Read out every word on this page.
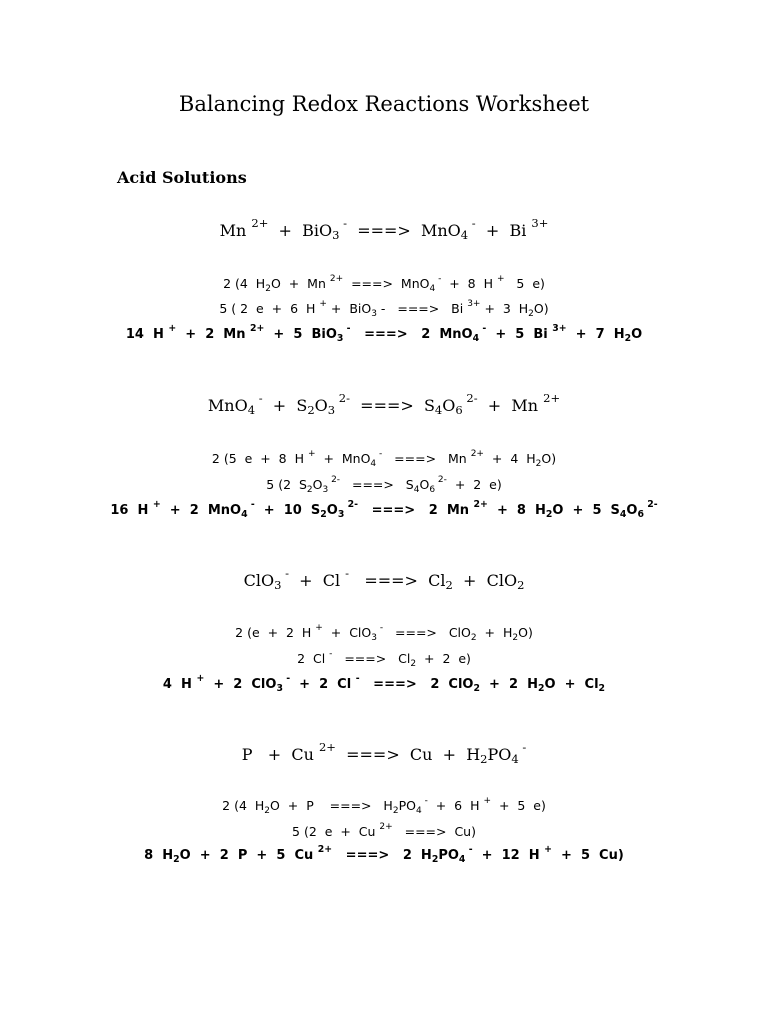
Balancing Redox Reactions Worksheet
Acid Solutions
Mn $^{2+}$  +  BiO$_3$ -  ===>  MnO$_4$ -  +  Bi $^{3+}$
2 (4  $H_2O + Mn$ $^{2+}$  ===>  MnO$_4$ -  +  8  H +   5  e)
5 ( 2  e  +  6  H + +  BiO$_3$ -   ===>   Bi $^{3+}$ +  3  $H_2O$)
14  H +  +  2  Mn $^{2+}$  +  5  BiO$_3$ -   ===>   2  MnO$_4$ -  +  5  Bi $^{3+}$  +  7  $H_2O$
MnO$_4$ $^- + S_2O_3$ $^{2-}$  ===>  $S_4O_6$ $^{2-}$  +  Mn $^{2+}$
2 (5  e  +  8  H +  +  MnO$_4$ -   ===>   Mn $^{2+}$  +  4  $H_2O$)
5 (2  $S_2O_3$ $^{2-}$   ===>   $S_4O_6$ $^{2-}$  +  2  e)
16  H +  +  2  MnO$_4$ -  +  10  $S_2O_3$ $^{2-}$   ===>   2  Mn $^{2+}$  +  8  $H_2O + 5$  $S_4O_6$ $^{2-}$
ClO$_3$ -  +  Cl -   ===>  $Cl_2 + ClO_2$
2 (e  +  2  H +  +  ClO$_3$ -   ===>   $ClO_2 + H_2O$)
2  Cl -   ===>   $Cl_2 + 2$  e)
4  H +  +  2  ClO$_3$ -  +  2  Cl -   ===>   2  ClO$_2$  +  2  $H_2O + Cl_2$
P   +  Cu $^{2+}$  ===>  $Cu + H_2PO_4$ -
2 (4  $H_2O + P$    ===>   $H_2PO_4$ -  +  6  H +  +  5  e)
5 (2  e  +  Cu $^{2+}$   ===>  Cu)
8  $H_2O + 2$  P  +  5  Cu $^{2+}$   ===>   2  $H_2PO_4$ -  +  12  H +  +  5  Cu)
